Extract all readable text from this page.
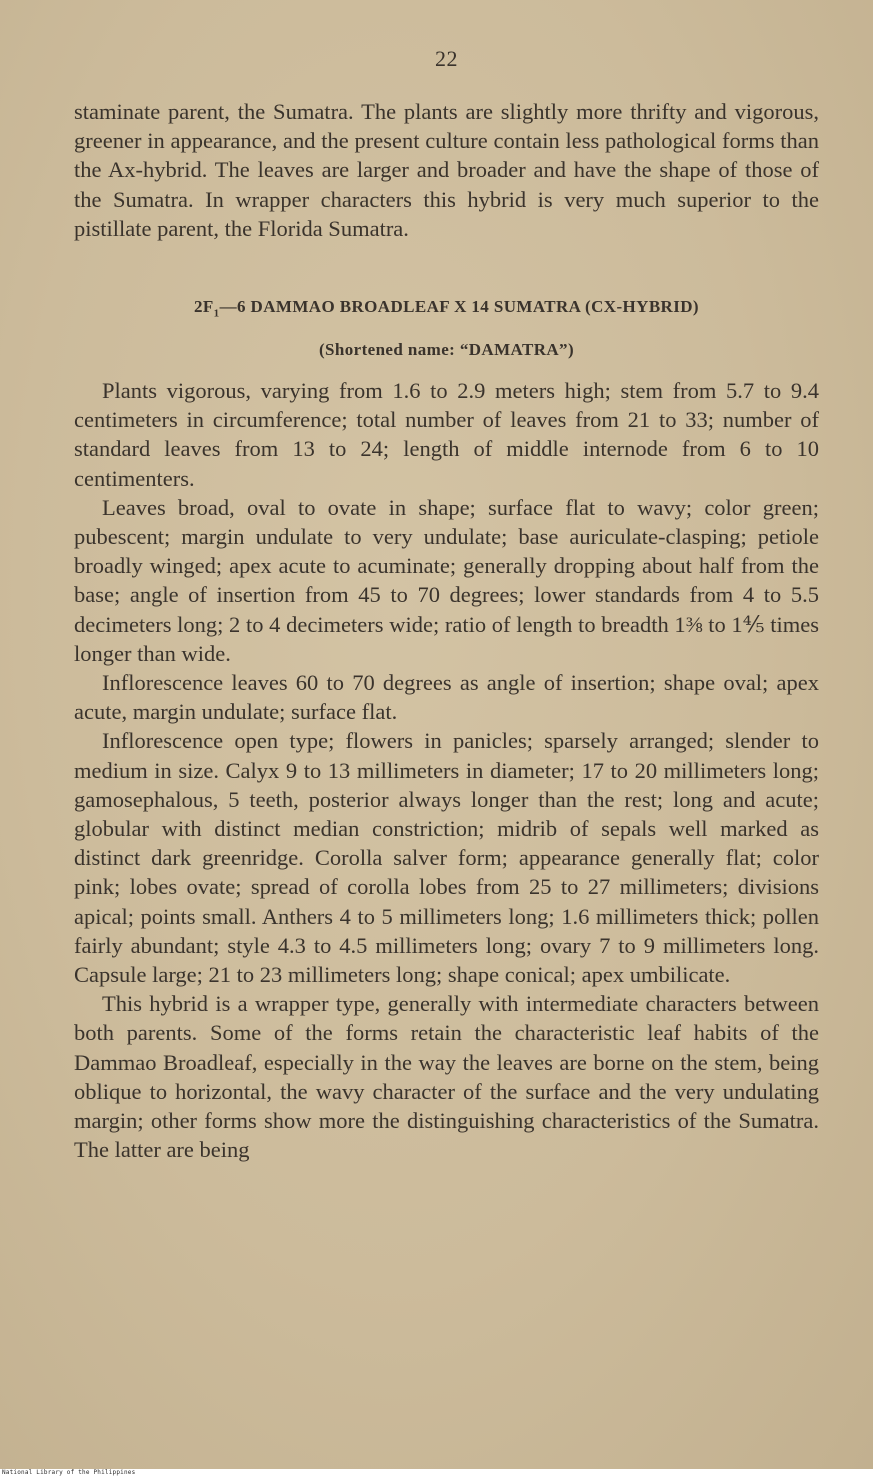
22

staminate parent, the Sumatra. The plants are slightly more thrifty and vigorous, greener in appearance, and the present culture contain less pathological forms than the Ax-hybrid. The leaves are larger and broader and have the shape of those of the Sumatra. In wrapper characters this hybrid is very much superior to the pistillate parent, the Florida Sumatra.

$2F_1—6$ DAMMAO BROADLEAF X 14 SUMATRA (CX-HYBRID)
(Shortened name: “DAMATRA”)

Plants vigorous, varying from 1.6 to 2.9 meters high; stem from 5.7 to 9.4 centimeters in circumference; total number of leaves from 21 to 33; number of standard leaves from 13 to 24; length of middle internode from 6 to 10 centimenters.

Leaves broad, oval to ovate in shape; surface flat to wavy; color green; pubescent; margin undulate to very undulate; base auriculate-clasping; petiole broadly winged; apex acute to acuminate; generally dropping about half from the base; angle of insertion from 45 to 70 degrees; lower standards from 4 to 5.5 decimeters long; 2 to 4 decimeters wide; ratio of length to breadth 1⅜ to 1⅘ times longer than wide.

Inflorescence leaves 60 to 70 degrees as angle of insertion; shape oval; apex acute, margin undulate; surface flat.

Inflorescence open type; flowers in panicles; sparsely arranged; slender to medium in size. Calyx 9 to 13 millimeters in diameter; 17 to 20 millimeters long; gamosephalous, 5 teeth, posterior always longer than the rest; long and acute; globular with distinct median constriction; midrib of sepals well marked as distinct dark greenridge. Corolla salver form; appearance generally flat; color pink; lobes ovate; spread of corolla lobes from 25 to 27 millimeters; divisions apical; points small. Anthers 4 to 5 millimeters long; 1.6 millimeters thick; pollen fairly abundant; style 4.3 to 4.5 millimeters long; ovary 7 to 9 millimeters long. Capsule large; 21 to 23 millimeters long; shape conical; apex umbilicate.

This hybrid is a wrapper type, generally with intermediate characters between both parents. Some of the forms retain the characteristic leaf habits of the Dammao Broadleaf, especially in the way the leaves are borne on the stem, being oblique to horizontal, the wavy character of the surface and the very undulating margin; other forms show more the distinguishing characteristics of the Sumatra. The latter are being

National Library of the Philippines
